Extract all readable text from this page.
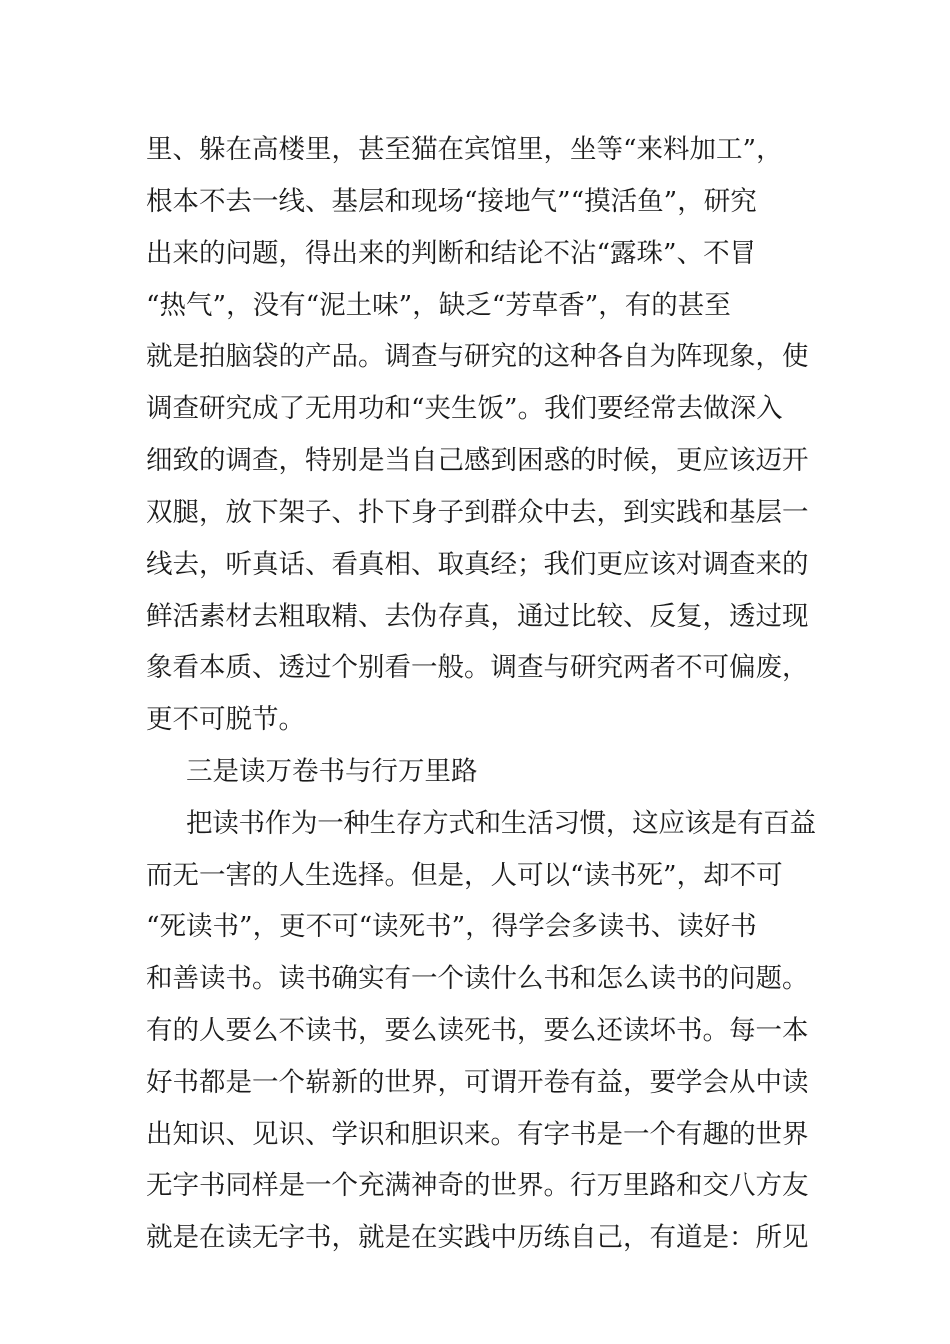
里、躲在高楼里，甚至猫在宾馆里，坐等“来料加工”，
根本不去一线、基层和现场“接地气”“摸活鱼”，研究
出来的问题，得出来的判断和结论不沾“露珠”、不冒
“热气”，没有“泥土味”，缺乏“芳草香”，有的甚至
就是拍脑袋的产品。调查与研究的这种各自为阵现象，使
调查研究成了无用功和“夹生饭”。我们要经常去做深入
细致的调查，特别是当自己感到困惑的时候，更应该迈开
双腿，放下架子、扑下身子到群众中去，到实践和基层一
线去，听真话、看真相、取真经；我们更应该对调查来的
鲜活素材去粗取精、去伪存真，通过比较、反复，透过现
象看本质、透过个别看一般。调查与研究两者不可偏废，
更不可脱节。
三是读万卷书与行万里路
把读书作为一种生存方式和生活习惯，这应该是有百益
而无一害的人生选择。但是，人可以“读书死”，却不可
“死读书”，更不可“读死书”，得学会多读书、读好书
和善读书。读书确实有一个读什么书和怎么读书的问题。
有的人要么不读书，要么读死书，要么还读坏书。每一本
好书都是一个崭新的世界，可谓开卷有益，要学会从中读
出知识、见识、学识和胆识来。有字书是一个有趣的世界
无字书同样是一个充满神奇的世界。行万里路和交八方友
就是在读无字书，就是在实践中历练自己，有道是：所见
